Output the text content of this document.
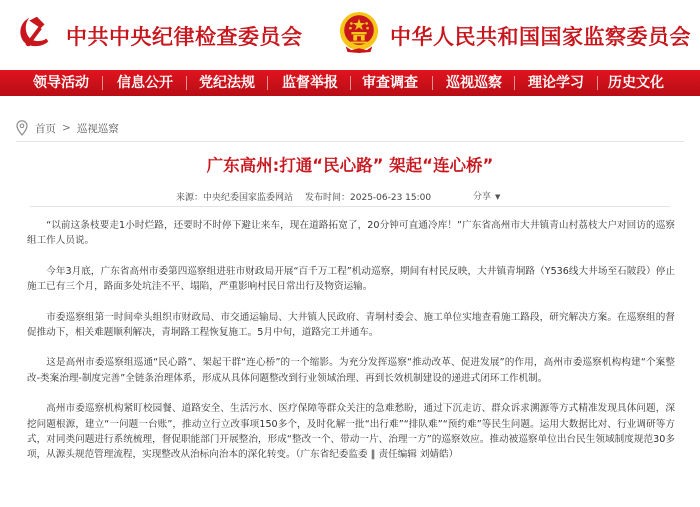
中共中央纪律检查委员会	中华人民共和国国家监察委员会
领导活动 信息公开 党纪法规 监督举报 审查调查 巡视巡察 理论学习 历史文化
首页 > 巡视巡察
广东高州:打通“民心路” 架起“连心桥”
来源：中央纪委国家监委网站 发布时间：2025-06-23 15:00	分享 ▼

“以前这条枝要走1小时烂路，还要时不时停下避让来车，现在道路拓宽了，20分钟可直通冷库！”广东省高州市大井镇青山村荔枝大户对回访的巡察组工作人员说。

今年3月底，广东省高州市委第四巡察组进驻市财政局开展“百千万工程”机动巡察，期间有村民反映，大井镇青垌路（Y536线大井场至石陂段）停止施工已有三个月，路面多处坑洼不平、塌陷，严重影响村民日常出行及物资运输。

市委巡察组第一时间牵头组织市财政局、市交通运输局、大井镇人民政府、青垌村委会、施工单位实地查看施工路段，研究解决方案。在巡察组的督促推动下，相关难题顺利解决，青垌路工程恢复施工。5月中旬，道路完工并通车。

这是高州市委巡察组巡通“民心路”、架起干群“连心桥”的一个缩影。为充分发挥巡察“推动改革、促进发展”的作用，高州市委巡察机构构建“个案整改-类案治理-制度完善”全链条治理体系，形成从具体问题整改到行业领域治理、再到长效机制建设的递进式闭环工作机制。

高州市委巡察机构紧盯校园餐、道路安全、生活污水、医疗保障等群众关注的急难愁盼，通过下沉走访、群众诉求溯源等方式精准发现具体问题，深挖问题根源，建立“一问题一台账”，推动立行立改事项150多个，及时化解一批“出行难”“排队难”“预约难”等民生问题。运用大数据比对、行业调研等方式，对同类问题进行系统梳理，督促职能部门开展整治，形成“整改一个、带动一片、治理一方”的巡察效应。推动被巡察单位出台民生领域制度规范30多项，从源头规范管理流程，实现整改从治标向治本的深化转变。（广东省纪委监委 ‖ 责任编辑 刘婧皓）
